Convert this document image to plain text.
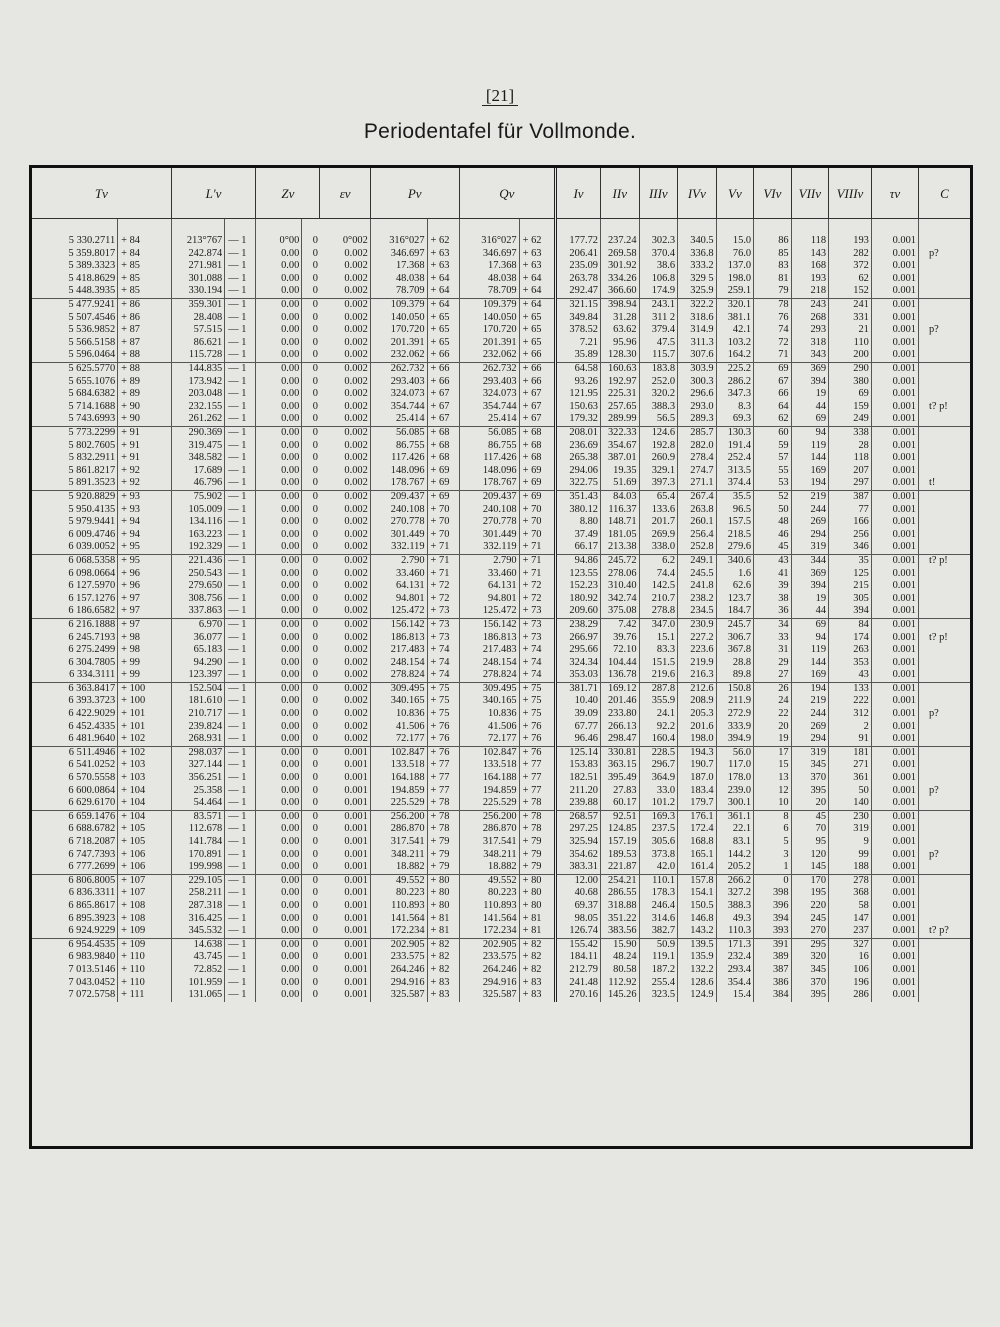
[21]
Periodentafel für Vollmonde.
Tv		L'v		Zv		εv	Pv		Qv		Iv	IIv	IIIv	IVv	Vv	VIv	VIIv	VIIIv	τv	C

5 330.2711	+ 84	213°767	— 1	0°00	0	0°002	316°027	+ 62	316°027	+ 62	177.72	237.24	302.3	340.5	15.0	86	118	193	0.001	
5 359.8017	+ 84	242.874	— 1	0.00	0	0.002	346.697	+ 63	346.697	+ 63	206.41	269.58	370.4	336.8	76.0	85	143	282	0.001	p?
5 389.3323	+ 85	271.981	— 1	0.00	0	0.002	17.368	+ 63	17.368	+ 63	235.09	301.92	38.6	333.2	137.0	83	168	372	0.001	
5 418.8629	+ 85	301.088	— 1	0.00	0	0.002	48.038	+ 64	48.038	+ 64	263.78	334.26	106.8	329 5	198.0	81	193	62	0.001	
5 448.3935	+ 85	330.194	— 1	0.00	0	0.002	78.709	+ 64	78.709	+ 64	292.47	366.60	174.9	325.9	259.1	79	218	152	0.001	
5 477.9241	+ 86	359.301	— 1	0.00	0	0.002	109.379	+ 64	109.379	+ 64	321.15	398.94	243.1	322.2	320.1	78	243	241	0.001	
5 507.4546	+ 86	28.408	— 1	0.00	0	0.002	140.050	+ 65	140.050	+ 65	349.84	31.28	311 2	318.6	381.1	76	268	331	0.001	
5 536.9852	+ 87	57.515	— 1	0.00	0	0.002	170.720	+ 65	170.720	+ 65	378.52	63.62	379.4	314.9	42.1	74	293	21	0.001	p?
5 566.5158	+ 87	86.621	— 1	0.00	0	0.002	201.391	+ 65	201.391	+ 65	7.21	95.96	47.5	311.3	103.2	72	318	110	0.001	
5 596.0464	+ 88	115.728	— 1	0.00	0	0.002	232.062	+ 66	232.062	+ 66	35.89	128.30	115.7	307.6	164.2	71	343	200	0.001	
5 625.5770	+ 88	144.835	— 1	0.00	0	0.002	262.732	+ 66	262.732	+ 66	64.58	160.63	183.8	303.9	225.2	69	369	290	0.001	
5 655.1076	+ 89	173.942	— 1	0.00	0	0.002	293.403	+ 66	293.403	+ 66	93.26	192.97	252.0	300.3	286.2	67	394	380	0.001	
5 684.6382	+ 89	203.048	— 1	0.00	0	0.002	324.073	+ 67	324.073	+ 67	121.95	225.31	320.2	296.6	347.3	66	19	69	0.001	
5 714.1688	+ 90	232.155	— 1	0.00	0	0.002	354.744	+ 67	354.744	+ 67	150.63	257.65	388.3	293.0	8.3	64	44	159	0.001	t? p!
5 743.6993	+ 90	261.262	— 1	0.00	0	0.002	25.414	+ 67	25.414	+ 67	179.32	289.99	56.5	289.3	69.3	62	69	249	0.001	
5 773.2299	+ 91	290.369	— 1	0.00	0	0.002	56.085	+ 68	56.085	+ 68	208.01	322.33	124.6	285.7	130.3	60	94	338	0.001	
5 802.7605	+ 91	319.475	— 1	0.00	0	0.002	86.755	+ 68	86.755	+ 68	236.69	354.67	192.8	282.0	191.4	59	119	28	0.001	
5 832.2911	+ 91	348.582	— 1	0.00	0	0.002	117.426	+ 68	117.426	+ 68	265.38	387.01	260.9	278.4	252.4	57	144	118	0.001	
5 861.8217	+ 92	17.689	— 1	0.00	0	0.002	148.096	+ 69	148.096	+ 69	294.06	19.35	329.1	274.7	313.5	55	169	207	0.001	
5 891.3523	+ 92	46.796	— 1	0.00	0	0.002	178.767	+ 69	178.767	+ 69	322.75	51.69	397.3	271.1	374.4	53	194	297	0.001	t!
5 920.8829	+ 93	75.902	— 1	0.00	0	0.002	209.437	+ 69	209.437	+ 69	351.43	84.03	65.4	267.4	35.5	52	219	387	0.001	
5 950.4135	+ 93	105.009	— 1	0.00	0	0.002	240.108	+ 70	240.108	+ 70	380.12	116.37	133.6	263.8	96.5	50	244	77	0.001	
5 979.9441	+ 94	134.116	— 1	0.00	0	0.002	270.778	+ 70	270.778	+ 70	8.80	148.71	201.7	260.1	157.5	48	269	166	0.001	
6 009.4746	+ 94	163.223	— 1	0.00	0	0.002	301.449	+ 70	301.449	+ 70	37.49	181.05	269.9	256.4	218.5	46	294	256	0.001	
6 039.0052	+ 95	192.329	— 1	0.00	0	0.002	332.119	+ 71	332.119	+ 71	66.17	213.38	338.0	252.8	279.6	45	319	346	0.001	
6 068.5358	+ 95	221.436	— 1	0.00	0	0.002	2.790	+ 71	2.790	+ 71	94.86	245.72	6.2	249.1	340.6	43	344	35	0.001	t? p!
6 098.0664	+ 96	250.543	— 1	0.00	0	0.002	33.460	+ 71	33.460	+ 71	123.55	278.06	74.4	245.5	1.6	41	369	125	0.001	
6 127.5970	+ 96	279.650	— 1	0.00	0	0.002	64.131	+ 72	64.131	+ 72	152.23	310.40	142.5	241.8	62.6	39	394	215	0.001	
6 157.1276	+ 97	308.756	— 1	0.00	0	0.002	94.801	+ 72	94.801	+ 72	180.92	342.74	210.7	238.2	123.7	38	19	305	0.001	
6 186.6582	+ 97	337.863	— 1	0.00	0	0.002	125.472	+ 73	125.472	+ 73	209.60	375.08	278.8	234.5	184.7	36	44	394	0.001	
6 216.1888	+ 97	6.970	— 1	0.00	0	0.002	156.142	+ 73	156.142	+ 73	238.29	7.42	347.0	230.9	245.7	34	69	84	0.001	
6 245.7193	+ 98	36.077	— 1	0.00	0	0.002	186.813	+ 73	186.813	+ 73	266.97	39.76	15.1	227.2	306.7	33	94	174	0.001	t? p!
6 275.2499	+ 98	65.183	— 1	0.00	0	0.002	217.483	+ 74	217.483	+ 74	295.66	72.10	83.3	223.6	367.8	31	119	263	0.001	
6 304.7805	+ 99	94.290	— 1	0.00	0	0.002	248.154	+ 74	248.154	+ 74	324.34	104.44	151.5	219.9	28.8	29	144	353	0.001	
6 334.3111	+ 99	123.397	— 1	0.00	0	0.002	278.824	+ 74	278.824	+ 74	353.03	136.78	219.6	216.3	89.8	27	169	43	0.001	
6 363.8417	+ 100	152.504	— 1	0.00	0	0.002	309.495	+ 75	309.495	+ 75	381.71	169.12	287.8	212.6	150.8	26	194	133	0.001	
6 393.3723	+ 100	181.610	— 1	0.00	0	0.002	340.165	+ 75	340.165	+ 75	10.40	201.46	355.9	208.9	211.9	24	219	222	0.001	
6 422.9029	+ 101	210.717	— 1	0.00	0	0.002	10.836	+ 75	10.836	+ 75	39.09	233.80	24.1	205.3	272.9	22	244	312	0.001	p?
6 452.4335	+ 101	239.824	— 1	0.00	0	0.002	41.506	+ 76	41.506	+ 76	67.77	266.13	92.2	201.6	333.9	20	269	2	0.001	
6 481.9640	+ 102	268.931	— 1	0.00	0	0.002	72.177	+ 76	72.177	+ 76	96.46	298.47	160.4	198.0	394.9	19	294	91	0.001	
6 511.4946	+ 102	298.037	— 1	0.00	0	0.001	102.847	+ 76	102.847	+ 76	125.14	330.81	228.5	194.3	56.0	17	319	181	0.001	
6 541.0252	+ 103	327.144	— 1	0.00	0	0.001	133.518	+ 77	133.518	+ 77	153.83	363.15	296.7	190.7	117.0	15	345	271	0.001	
6 570.5558	+ 103	356.251	— 1	0.00	0	0.001	164.188	+ 77	164.188	+ 77	182.51	395.49	364.9	187.0	178.0	13	370	361	0.001	
6 600.0864	+ 104	25.358	— 1	0.00	0	0.001	194.859	+ 77	194.859	+ 77	211.20	27.83	33.0	183.4	239.0	12	395	50	0.001	p?
6 629.6170	+ 104	54.464	— 1	0.00	0	0.001	225.529	+ 78	225.529	+ 78	239.88	60.17	101.2	179.7	300.1	10	20	140	0.001	
6 659.1476	+ 104	83.571	— 1	0.00	0	0.001	256.200	+ 78	256.200	+ 78	268.57	92.51	169.3	176.1	361.1	8	45	230	0.001	
6 688.6782	+ 105	112.678	— 1	0.00	0	0.001	286.870	+ 78	286.870	+ 78	297.25	124.85	237.5	172.4	22.1	6	70	319	0.001	
6 718.2087	+ 105	141.784	— 1	0.00	0	0.001	317.541	+ 79	317.541	+ 79	325.94	157.19	305.6	168.8	83.1	5	95	9	0.001	
6 747.7393	+ 106	170.891	— 1	0.00	0	0.001	348.211	+ 79	348.211	+ 79	354.62	189.53	373.8	165.1	144.2	3	120	99	0.001	p?
6 777.2699	+ 106	199.998	— 1	0.00	0	0.001	18.882	+ 79	18.882	+ 79	383.31	221.87	42.0	161.4	205.2	1	145	188	0.001	
6 806.8005	+ 107	229.105	— 1	0.00	0	0.001	49.552	+ 80	49.552	+ 80	12.00	254.21	110.1	157.8	266.2	0	170	278	0.001	
6 836.3311	+ 107	258.211	— 1	0.00	0	0.001	80.223	+ 80	80.223	+ 80	40.68	286.55	178.3	154.1	327.2	398	195	368	0.001	
6 865.8617	+ 108	287.318	— 1	0.00	0	0.001	110.893	+ 80	110.893	+ 80	69.37	318.88	246.4	150.5	388.3	396	220	58	0.001	
6 895.3923	+ 108	316.425	— 1	0.00	0	0.001	141.564	+ 81	141.564	+ 81	98.05	351.22	314.6	146.8	49.3	394	245	147	0.001	
6 924.9229	+ 109	345.532	— 1	0.00	0	0.001	172.234	+ 81	172.234	+ 81	126.74	383.56	382.7	143.2	110.3	393	270	237	0.001	t? p?
6 954.4535	+ 109	14.638	— 1	0.00	0	0.001	202.905	+ 82	202.905	+ 82	155.42	15.90	50.9	139.5	171.3	391	295	327	0.001	
6 983.9840	+ 110	43.745	— 1	0.00	0	0.001	233.575	+ 82	233.575	+ 82	184.11	48.24	119.1	135.9	232.4	389	320	16	0.001	
7 013.5146	+ 110	72.852	— 1	0.00	0	0.001	264.246	+ 82	264.246	+ 82	212.79	80.58	187.2	132.2	293.4	387	345	106	0.001	
7 043.0452	+ 110	101.959	— 1	0.00	0	0.001	294.916	+ 83	294.916	+ 83	241.48	112.92	255.4	128.6	354.4	386	370	196	0.001	
7 072.5758	+ 111	131.065	— 1	0.00	0	0.001	325.587	+ 83	325.587	+ 83	270.16	145.26	323.5	124.9	15.4	384	395	286	0.001	
